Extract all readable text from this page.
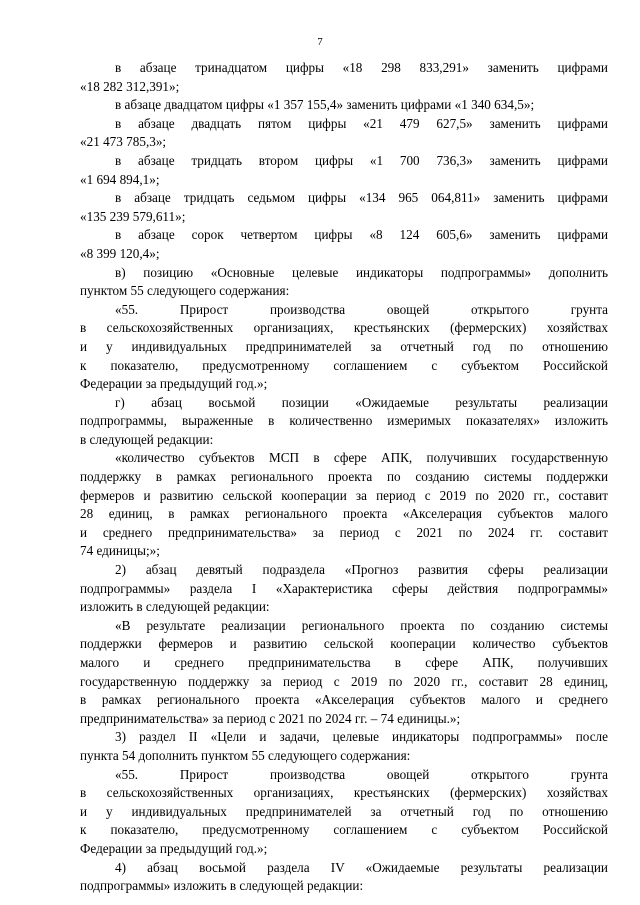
7
в абзаце тринадцатом цифры «18 298 833,291» заменить цифрами
«18 282 312,391»;
в абзаце двадцатом цифры «1 357 155,4» заменить цифрами «1 340 634,5»;
в абзаце двадцать пятом цифры «21 479 627,5» заменить цифрами
«21 473 785,3»;
в абзаце тридцать втором цифры «1 700 736,3» заменить цифрами
«1 694 894,1»;
в абзаце тридцать седьмом цифры «134 965 064,811» заменить цифрами
«135 239 579,611»;
в абзаце сорок четвертом цифры «8 124 605,6» заменить цифрами
«8 399 120,4»;
в) позицию «Основные целевые индикаторы подпрограммы» дополнить
пунктом 55 следующего содержания:
«55. Прирост производства овощей открытого грунта
в сельскохозяйственных организациях, крестьянских (фермерских) хозяйствах
и у индивидуальных предпринимателей за отчетный год по отношению
к показателю, предусмотренному соглашением с субъектом Российской
Федерации за предыдущий год.»;
г) абзац восьмой позиции «Ожидаемые результаты реализации
подпрограммы, выраженные в количественно измеримых показателях» изложить
в следующей редакции:
«количество субъектов МСП в сфере АПК, получивших государственную
поддержку в рамках регионального проекта по созданию системы поддержки
фермеров и развитию сельской кооперации за период с 2019 по 2020 гг., составит
28 единиц, в рамках регионального проекта «Акселерация субъектов малого
и среднего предпринимательства» за период с 2021 по 2024 гг. составит
74 единицы;»;
2) абзац девятый подраздела «Прогноз развития сферы реализации
подпрограммы» раздела I «Характеристика сферы действия подпрограммы»
изложить в следующей редакции:
«В результате реализации регионального проекта по созданию системы
поддержки фермеров и развитию сельской кооперации количество субъектов
малого и среднего предпринимательства в сфере АПК, получивших
государственную поддержку за период с 2019 по 2020 гг., составит 28 единиц,
в рамках регионального проекта «Акселерация субъектов малого и среднего
предпринимательства» за период с 2021 по 2024 гг. – 74 единицы.»;
3) раздел II «Цели и задачи, целевые индикаторы подпрограммы» после
пункта 54 дополнить пунктом 55 следующего содержания:
«55. Прирост производства овощей открытого грунта
в сельскохозяйственных организациях, крестьянских (фермерских) хозяйствах
и у индивидуальных предпринимателей за отчетный год по отношению
к показателю, предусмотренному соглашением с субъектом Российской
Федерации за предыдущий год.»;
4) абзац восьмой раздела IV «Ожидаемые результаты реализации
подпрограммы» изложить в следующей редакции:
